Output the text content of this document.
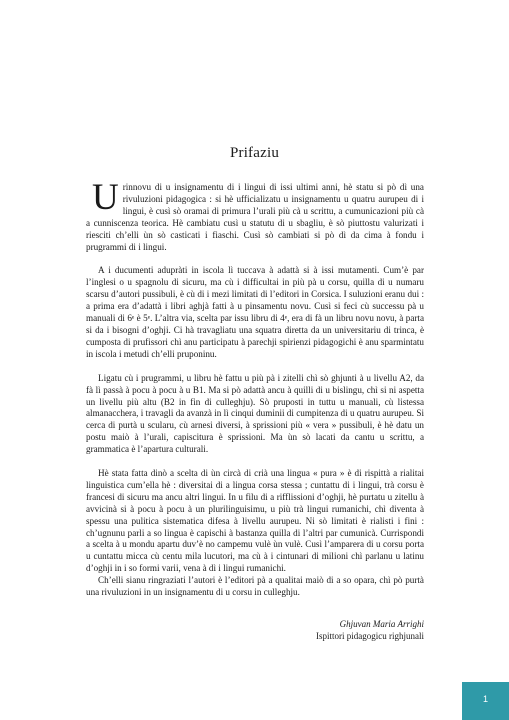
Prifaziu

Urinnovu di u insignamentu di i lingui di issi ultimi anni, hè statu si pò dì una rivuluzioni pidagogica : si hè ufficializatu u insignamentu u quatru aurupeu di i lingui, è cusì sò oramai di primura l’urali più cà u scrittu, a cumunicazioni più cà a cunniscenza teorica. Hè cambiatu cusì u statutu di u sbagliu, è sò piuttostu valurizati i riesciti ch’elli ùn sò casticati i fiaschi. Cusì sò cambiati si pò dì da cima à fondu i prugrammi di i lingui.

A i ducumenti adupràti in iscola lì tuccava à adattà si à issi mutamenti. Cum’è par l’inglesi o u spagnolu di sicuru, ma cù i difficultai in più pà u corsu, quilla di u numaru scarsu d’autori pussibuli, è cù di i mezi limitati di l’editori in Corsica. I suluzioni eranu dui : a prima era d’adattà i libri aghjà fatti à u pinsamentu novu. Cusì si feci cù successu pà u manuali di 6ᵉ è 5ᵉ. L’altra via, scelta par issu libru di 4ᵉ, era di fà un libru novu novu, à parta si da i bisogni d’oghji. Ci hà travagliatu una squatra diretta da un universitariu di trinca, è cumposta di prufissori chì anu participatu à parechji spirienzi pidagogichi è anu sparmintatu in iscola i metudi ch’elli pruponinu.

Ligatu cù i prugrammi, u libru hè fattu u più pà i zitelli chì sò ghjunti à u livellu A2, da fà lì passà à pocu à pocu à u B1. Ma si pò adattà ancu à quilli di u bislingu, chì si ni aspetta un livellu più altu (B2 in fin di culleghju). Sò pruposti in tuttu u manuali, cù listessa almanacchera, i travagli da avanzà in lì cinqui duminii di cumpitenza di u quatru aurupeu. Si cerca di purtà u scularu, cù arnesi diversi, à sprissioni più « vera » pussibuli, è hè datu un postu maiò à l’urali, capiscitura è sprissioni. Ma ùn sò lacati da cantu u scrittu, a grammatica è l’apartura culturali.

Hè stata fatta dinò a scelta di ùn circà di crià una lingua « pura » è di rispittà a rialitai linguistica cum’ella hè : diversitai di a lingua corsa stessa ; cuntattu di i lingui, trà corsu è francesi di sicuru ma ancu altri lingui. In u filu di a rifflissioni d’oghji, hè purtatu u zitellu à avvicinà si à pocu à pocu à un plurilinguisimu, u più trà lingui rumanichi, chì diventa à spessu una pulitica sistematica difesa à livellu aurupeu. Ni sò limitati è rialisti i fini : ch’ugnunu parli a so lingua è capischi à bastanza quilla di l’altri par cumunicà. Currispondi a scelta à u mondu apartu duv’è no campemu vulè ùn vulè. Cusì l’amparera di u corsu porta u cuntattu micca cù centu mila lucutori, ma cù à i cintunari di milioni chì parlanu u latinu d’oghji in i so formi varii, vena à dì i lingui rumanichi.

Ch’elli sianu ringraziati l’autori è l’editori pà a qualitai maiò di a so opara, chì pò purtà una rivuluzioni in un insignamentu di u corsu in culleghju.

Ghjuvan Maria Arrighi
Ispittori pidagogicu righjunali
1
